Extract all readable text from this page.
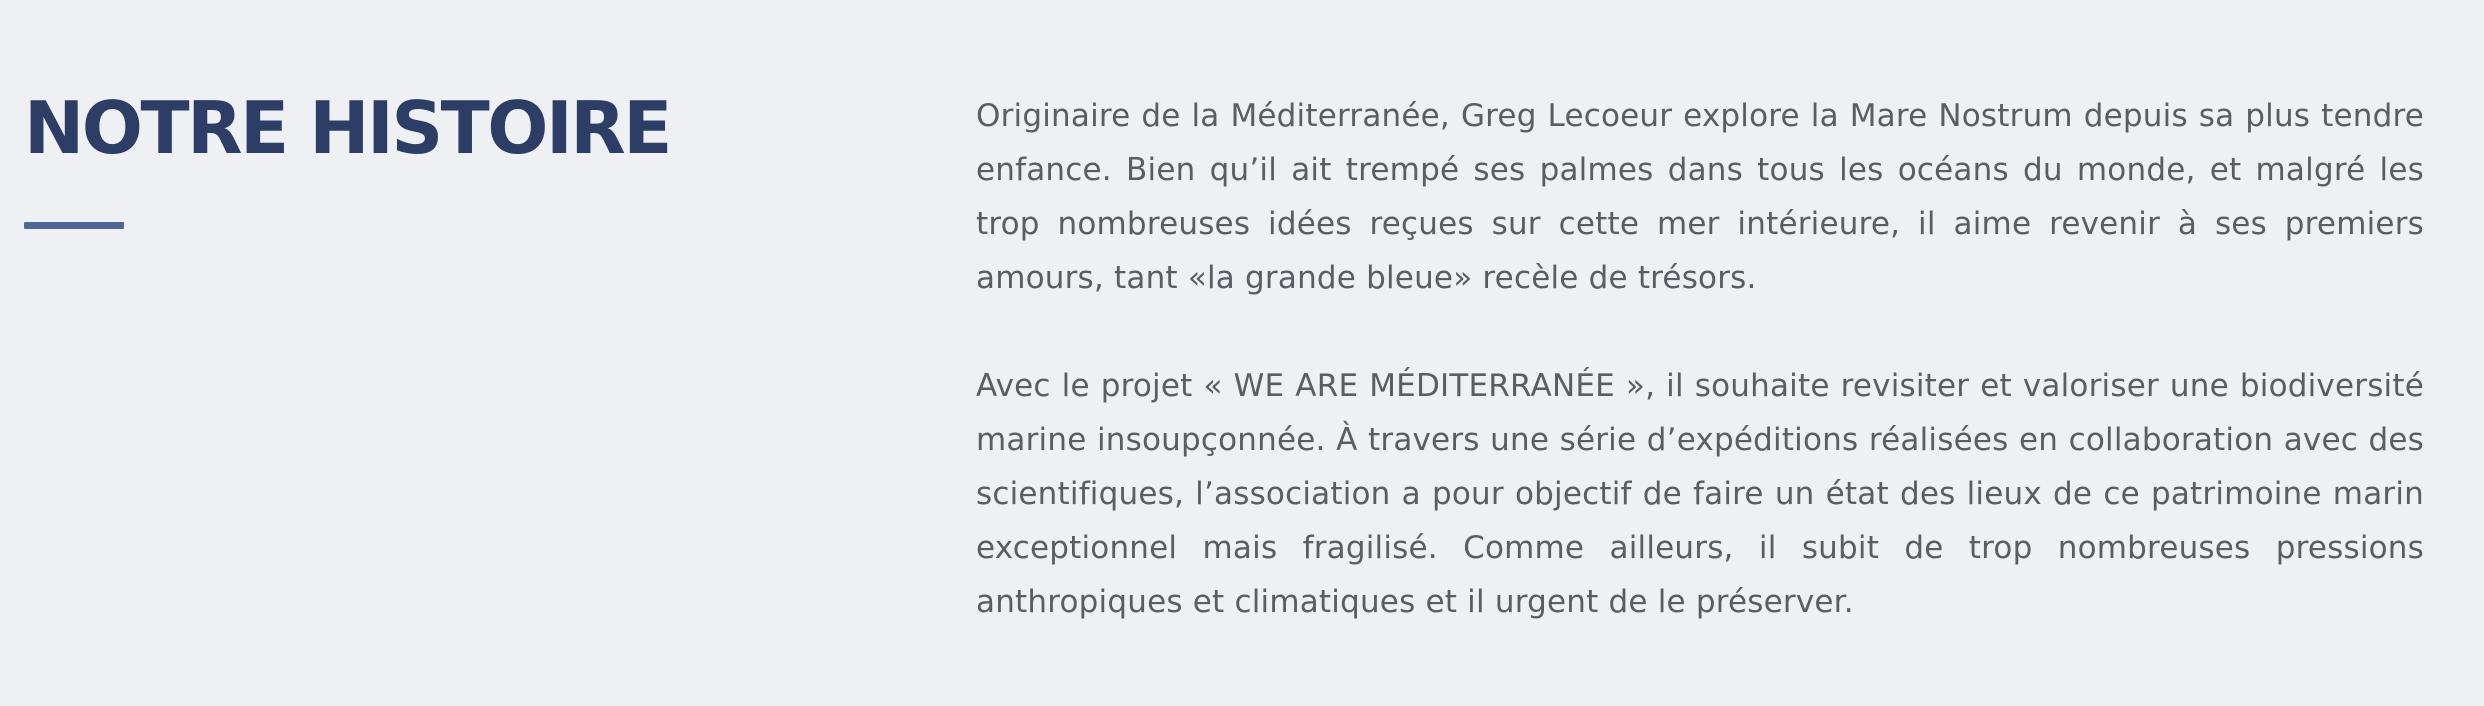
NOTRE HISTOIRE	Originaire de la Méditerranée, Greg Lecoeur explore la Mare Nostrum depuis sa plus tendre enfance. Bien qu’il ait trempé ses palmes dans tous les océans du monde, et malgré les trop nombreuses idées reçues sur cette mer intérieure, il aime revenir à ses premiers amours, tant «la grande bleue» recèle de trésors.

Avec le projet « WE ARE MÉDITERRANÉE », il souhaite revisiter et valoriser une biodiversité marine insoupçonnée. À travers une série d’expéditions réalisées en collaboration avec des scientifiques, l’association a pour objectif de faire un état des lieux de ce patrimoine marin exceptionnel mais fragilisé. Comme ailleurs, il subit de trop nombreuses pressions anthropiques et climatiques et il urgent de le préserver.
